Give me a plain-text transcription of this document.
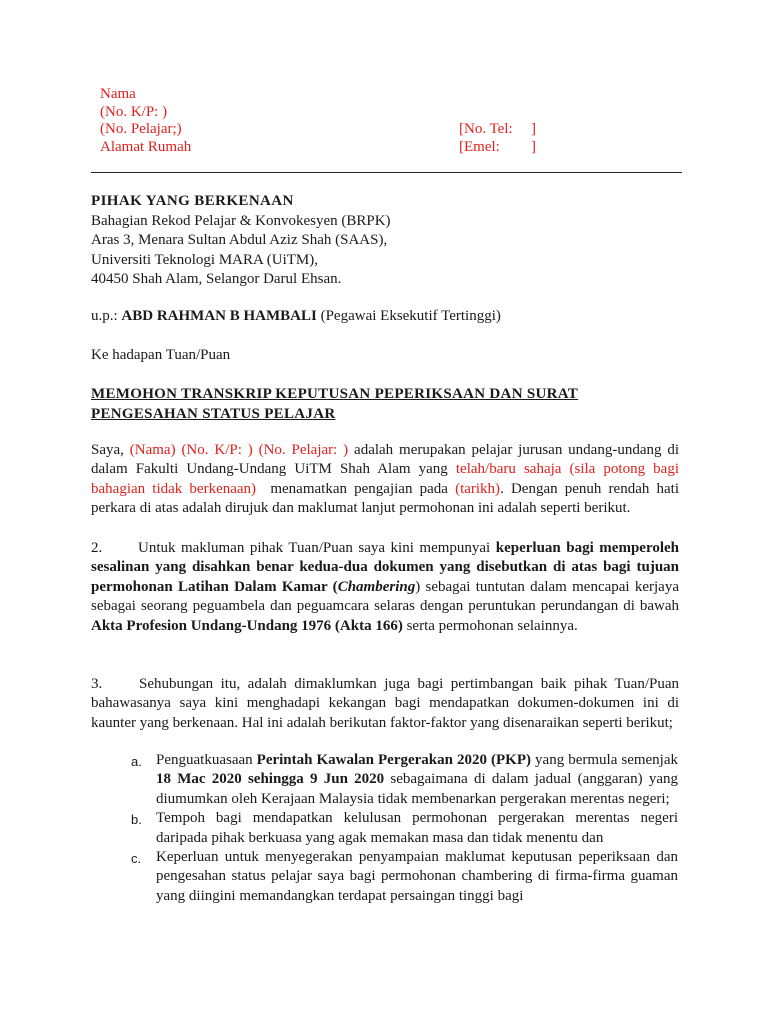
Nama
(No. K/P: )
(No. Pelajar;)
Alamat Rumah
[No. Tel:	]
[Emel:	]
PIHAK YANG BERKENAAN
Bahagian Rekod Pelajar & Konvokesyen (BRPK)
Aras 3, Menara Sultan Abdul Aziz Shah (SAAS),
Universiti Teknologi MARA (UiTM),
40450 Shah Alam, Selangor Darul Ehsan.
u.p.: ABD RAHMAN B HAMBALI (Pegawai Eksekutif Tertinggi)
Ke hadapan Tuan/Puan
MEMOHON TRANSKRIP KEPUTUSAN PEPERIKSAAN DAN SURAT
PENGESAHAN STATUS PELAJAR
Saya, (Nama) (No. K/P: ) (No. Pelajar: ) adalah merupakan pelajar jurusan undang-undang di dalam Fakulti Undang-Undang UiTM Shah Alam yang telah/baru sahaja (sila potong bagi bahagian tidak berkenaan) menamatkan pengajian pada (tarikh). Dengan penuh rendah hati perkara di atas adalah dirujuk dan maklumat lanjut permohonan ini adalah seperti berikut.
2. Untuk makluman pihak Tuan/Puan saya kini mempunyai keperluan bagi memperoleh sesalinan yang disahkan benar kedua-dua dokumen yang disebutkan di atas bagi tujuan permohonan Latihan Dalam Kamar (Chambering) sebagai tuntutan dalam mencapai kerjaya sebagai seorang peguambela dan peguamcara selaras dengan peruntukan perundangan di bawah Akta Profesion Undang-Undang 1976 (Akta 166) serta permohonan selainnya.
3. Sehubungan itu, adalah dimaklumkan juga bagi pertimbangan baik pihak Tuan/Puan bahawasanya saya kini menghadapi kekangan bagi mendapatkan dokumen-dokumen ini di kaunter yang berkenaan. Hal ini adalah berikutan faktor-faktor yang disenaraikan seperti berikut;
a. Penguatkuasaan Perintah Kawalan Pergerakan 2020 (PKP) yang bermula semenjak 18 Mac 2020 sehingga 9 Jun 2020 sebagaimana di dalam jadual (anggaran) yang diumumkan oleh Kerajaan Malaysia tidak membenarkan pergerakan merentas negeri;
b. Tempoh bagi mendapatkan kelulusan permohonan pergerakan merentas negeri daripada pihak berkuasa yang agak memakan masa dan tidak menentu dan
c. Keperluan untuk menyegerakan penyampaian maklumat keputusan peperiksaan dan pengesahan status pelajar saya bagi permohonan chambering di firma-firma guaman yang diingini memandangkan terdapat persaingan tinggi bagi
